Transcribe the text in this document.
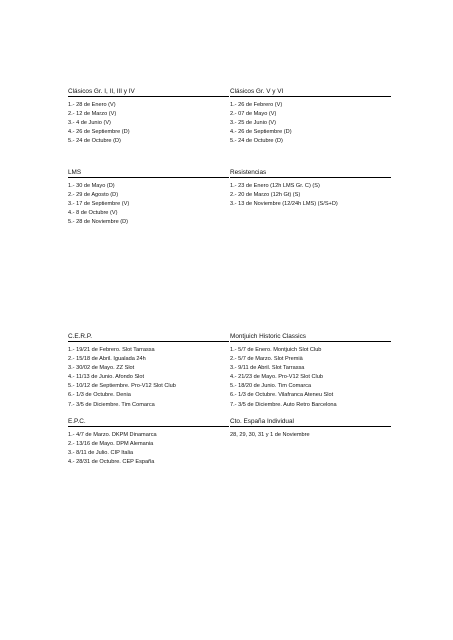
Clásicos Gr. I, II, III y IV
1.- 28 de Enero (V)
2.- 12 de Marzo (V)
3.- 4 de Junio (V)
4.- 26 de Septiembre (D)
5.- 24 de Octubre (D)
Clásicos Gr. V y VI
1.- 26 de Febrero (V)
2.- 07 de Mayo (V)
3.- 25 de Junio (V)
4.- 26 de Septiembre (D)
5.- 24 de Octubre (D)
LMS
1.- 30 de Mayo (D)
2.- 29 de Agosto (D)
3.- 17 de Septiembre (V)
4.- 8 de Octubre (V)
5.- 28 de Noviembre (D)
Resistencias
1.- 23 de Enero (12h LMS Gr. C) (S)
2.- 20 de Marzo (12h Gt) (S)
3.- 13 de Noviembre (12/24h LMS) (S/S+D)
C.E.R.P.
1.- 19/21 de Febrero. Slot Tarrassa
2.- 15/18 de Abril. Igualada 24h
3.- 30/02 de Mayo. ZZ Slot
4.- 11/13 de Junio. Afondo Slot
5.- 10/12 de Septiembre. Pro-V12 Slot Club
6.- 1/3 de Octubre. Denia
7.- 3/5 de Diciembre. Tim Comarca
Montjuich Historic Classics
1.- 5/7 de Enero. Montjuich Slot Club
2.- 5/7 de Marzo. Slot Premià
3.- 9/11 de Abril. Slot Tarrassa
4.- 21/23 de Mayo. Pro-V12 Slot Club
5.- 18/20 de Junio. Tim Comarca
6.- 1/3 de Octubre. Vilafranca Ateneu Slot
7.- 3/5 de Diciembre. Auto Retro Barcelona
E.P.C.
1.- 4/7 de Marzo. DKPM Dinamarca
2.- 13/16 de Mayo. DPM Alemania
3.- 8/11 de Julio. CIP Italia
4.- 28/31 de Octubre. CEP España
Cto. España Individual
28, 29, 30, 31 y 1 de Noviembre
